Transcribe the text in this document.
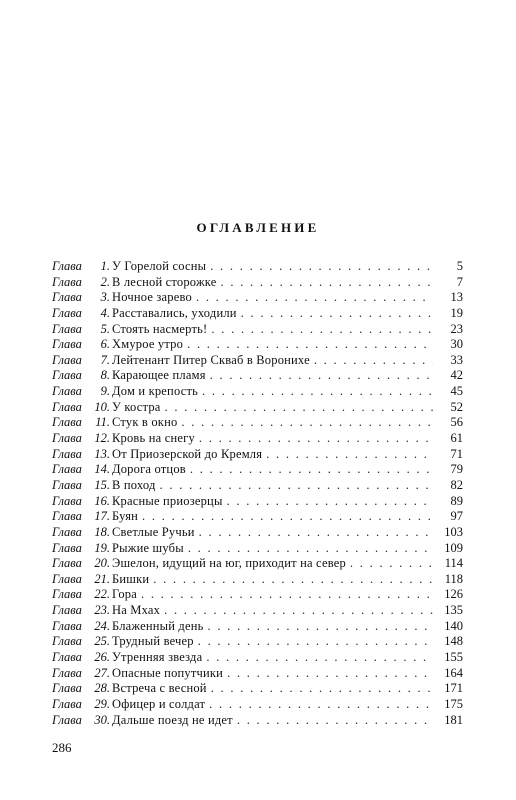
ОГЛАВЛЕНИЕ
Глава	1. У Горелой сосны . . .	5
Глава	2. В лесной сторожке . . .	7
Глава	3. Ночное зарево . . .	13
Глава	4. Расставались, уходили . . .	19
Глава	5. Стоять насмерть! . . .	23
Глава	6. Хмурое утро . . .	30
Глава	7. Лейтенант Питер Скваб в Воронихе . . .	33
Глава	8. Карающее пламя . . .	42
Глава	9. Дом и крепость . . .	45
Глава 10. У костра . . .	52
Глава	11. Стук в окно . . .	56
Глава 12. Кровь на снегу . . .	61
Глава 13. От Приозерской до Кремля . . .	71
Глава 14. Дорога отцов . . .	79
Глава 15. В поход . . .	82
Глава 16. Красные приозерцы . . .	89
Глава 17. Буян . . .	97
Глава 18. Светлые Ручьи . . .	103
Глава 19. Рыжие шубы . . .	109
Глава 20. Эшелон, идущий на юг, приходит на север . . .	114
Глава 21. Бишки . . .	118
Глава 22. Гора . . .	126
Глава 23. На Мхах . . .	135
Глава 24. Блаженный день . . .	140
Глава 25. Трудный вечер . . .	148
Глава 26. Утренняя звезда . . .	155
Глава 27. Опасные попутчики . . .	164
Глава 28. Встреча с весной . . .	171
Глава 29. Офицер и солдат . . .	175
Глава 30. Дальше поезд не идет . . .	181
286
